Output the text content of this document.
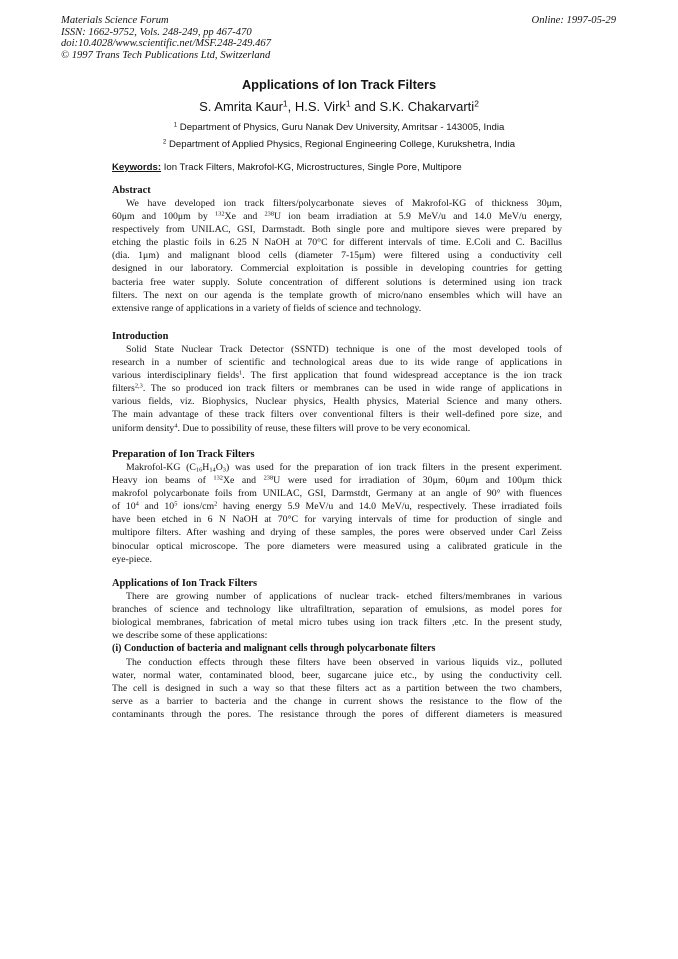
Materials Science Forum
ISSN: 1662-9752, Vols. 248-249, pp 467-470
doi:10.4028/www.scientific.net/MSF.248-249.467
© 1997 Trans Tech Publications Ltd, Switzerland
Online: 1997-05-29
Applications of Ion Track Filters
S. Amrita Kaur$^1$, H.S. Virk$^1$ and S.K. Chakarvarti$^2$
$^1$ Department of Physics, Guru Nanak Dev University, Amritsar - 143005, India
$^2$ Department of Applied Physics, Regional Engineering College, Kurukshetra, India
Keywords: Ion Track Filters, Makrofol-KG, Microstructures, Single Pore, Multipore
Abstract
We have developed ion track filters/polycarbonate sieves of Makrofol-KG of thickness 30μm,
60μm and 100μm by $^{132}$Xe and $^{238}$U ion beam irradiation at 5.9 MeV/u and 14.0 MeV/u energy,
respectively from UNILAC, GSI, Darmstadt. Both single pore and multipore sieves were prepared by
etching the plastic foils in 6.25 N NaOH at 70°C for different intervals of time. E.Coli and C. Bacillus
(dia. 1μm) and malignant blood cells (diameter 7-15μm) were filtered using a conductivity cell
designed in our laboratory. Commercial exploitation is possible in developing countries for getting
bacteria free water supply. Solute concentration of different solutions is determined using ion track
filters. The next on our agenda is the template growth of micro/nano ensembles which will have an
extensive range of applications in a variety of fields of science and technology.
Introduction
Solid State Nuclear Track Detector (SSNTD) technique is one of the most developed tools of
research in a number of scientific and technological areas due to its wide range of applications in
various interdisciplinary fields$^1$. The first application that found widespread acceptance is the ion track
filters$^{2,3}$. The so produced ion track filters or membranes can be used in wide range of applications in
various fields, viz. Biophysics, Nuclear physics, Health physics, Material Science and many others.
The main advantage of these track filters over conventional filters is their well-defined pore size, and
uniform density$^4$. Due to possibility of reuse, these filters will prove to be very economical.
Preparation of Ion Track Filters
Makrofol-KG $(C_{16}H_{14}O_3)$ was used for the preparation of ion track filters in the present experiment.
Heavy ion beams of $^{132}$Xe and $^{238}$U were used for irradiation of 30μm, 60μm and 100μm thick
makrofol polycarbonate foils from UNILAC, GSI, Darmstdt, Germany at an angle of 90° with fluences
of $10^4$ and $10^5$ ions/$cm^2$ having energy 5.9 MeV/u and 14.0 MeV/u, respectively. These irradiated foils
have been etched in 6 N NaOH at 70°C for varying intervals of time for production of single and
multipore filters. After washing and drying of these samples, the pores were observed under Carl Zeiss
binocular optical microscope. The pore diameters were measured using a calibrated graticule in the
eye-piece.
Applications of Ion Track Filters
There are growing number of applications of nuclear track- etched filters/membranes in various
branches of science and technology like ultrafiltration, separation of emulsions, as model pores for
biological membranes, fabrication of metal micro tubes using ion track filters ,etc. In the present study,
we describe some of these applications:
(i) Conduction of bacteria and malignant cells through polycarbonate filters
The conduction effects through these filters have been observed in various liquids viz., polluted
water, normal water, contaminated blood, beer, sugarcane juice etc., by using the conductivity cell.
The cell is designed in such a way so that these filters act as a partition between the two chambers,
serve as a barrier to bacteria and the change in current shows the resistance to the flow of the
contaminants through the pores. The resistance through the pores of different diameters is measured
